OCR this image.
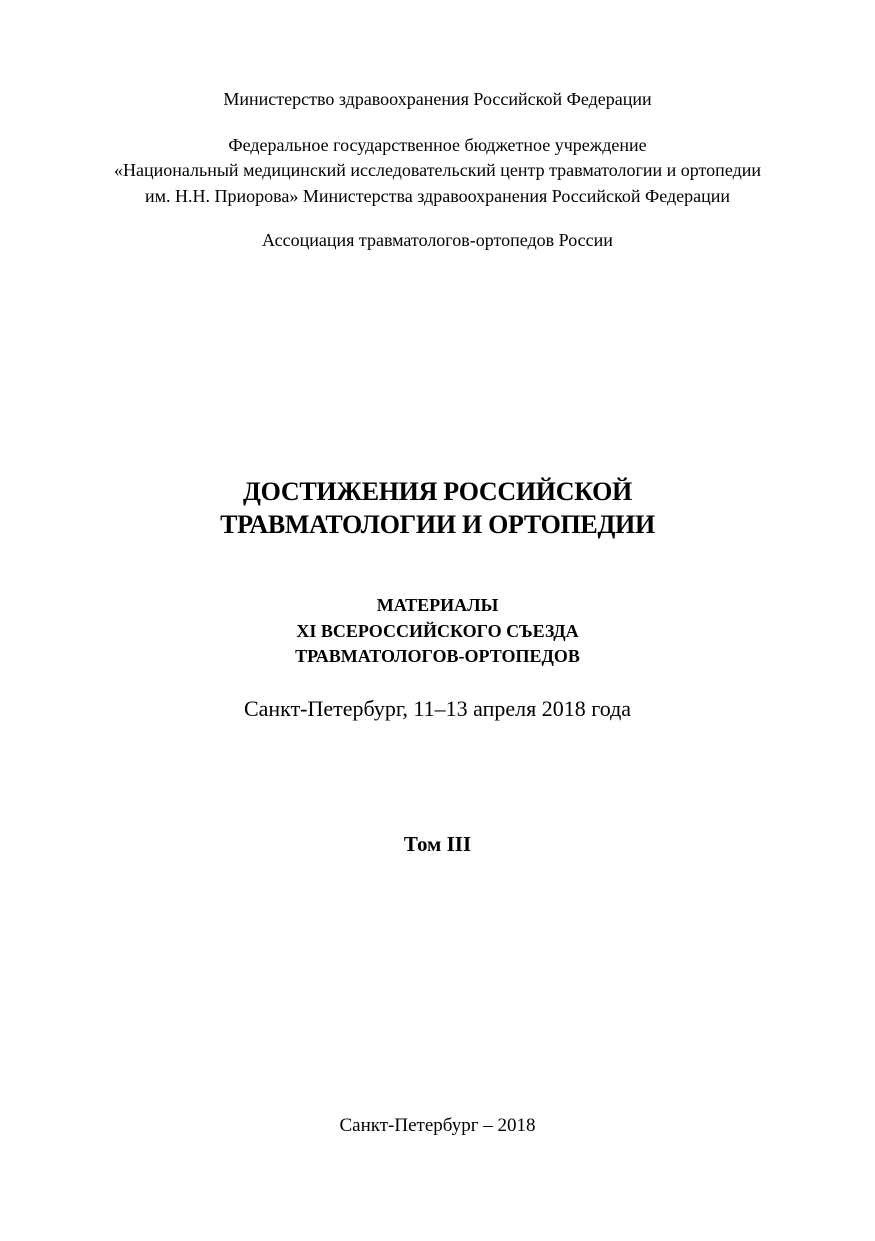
Министерство здравоохранения Российской Федерации
Федеральное государственное бюджетное учреждение
«Национальный медицинский исследовательский центр травматологии и ортопедии
им. Н.Н. Приорова» Министерства здравоохранения Российской Федерации
Ассоциация травматологов-ортопедов России
ДОСТИЖЕНИЯ РОССИЙСКОЙ
ТРАВМАТОЛОГИИ И ОРТОПЕДИИ
МАТЕРИАЛЫ
XI ВСЕРОССИЙСКОГО СЪЕЗДА
ТРАВМАТОЛОГОВ-ОРТОПЕДОВ
Санкт-Петербург, 11–13 апреля 2018 года
Том III
Санкт-Петербург – 2018
